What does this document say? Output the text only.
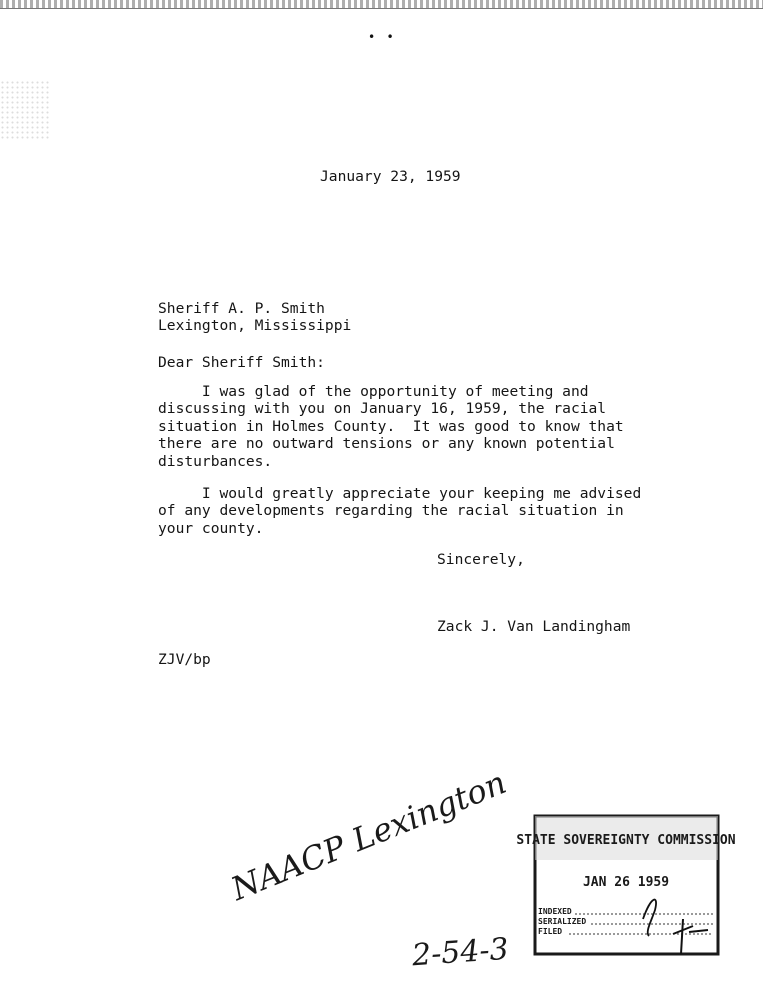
• •

January 23, 1959

Sheriff A. P. Smith
Lexington, Mississippi

Dear Sheriff Smith:

I was glad of the opportunity of meeting and
discussing with you on January 16, 1959, the racial
situation in Holmes County.  It was good to know that
there are no outward tensions or any known potential
disturbances.

I would greatly appreciate your keeping me advised
of any developments regarding the racial situation in
your county.

Sincerely,

Zack J. Van Landingham

ZJV/bp

NAACP Lexington
2-54-3
STATE SOVEREIGNTY COMMISSION
JAN 26 1959
INDEXED
SERIALIZED
FILED
